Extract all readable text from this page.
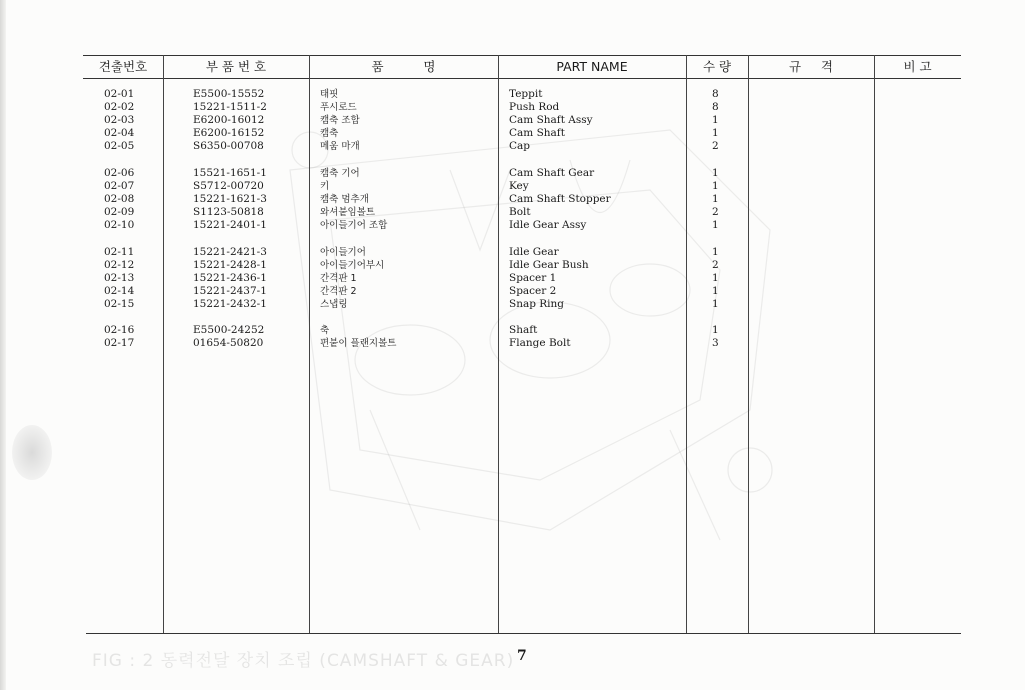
FIG : 2 동력전달 장치 조립 (CAMSHAFT & GEAR)
견출번호	부 품 번 호	품          명	PART NAME	수 량	규     격	비 고
02-01	E5500-15552	태핏	Teppit	8
02-02	15221-1511-2	푸시로드	Push Rod	8
02-03	E6200-16012	캠축 조합	Cam Shaft Assy	1
02-04	E6200-16152	캠축	Cam Shaft	1
02-05	S6350-00708	메움 마개	Cap	2
02-06	15521-1651-1	캠축 기어	Cam Shaft Gear	1
02-07	S5712-00720	키	Key	1
02-08	15221-1621-3	캠축 멈추개	Cam Shaft Stopper	1
02-09	S1123-50818	와셔붙임볼트	Bolt	2
02-10	15221-2401-1	아이들기어 조합	Idle Gear Assy	1
02-11	15221-2421-3	아이들기어	Idle Gear	1
02-12	15221-2428-1	아이들기어부시	Idle Gear Bush	2
02-13	15221-2436-1	간격판 1	Spacer 1	1
02-14	15221-2437-1	간격판 2	Spacer 2	1
02-15	15221-2432-1	스냅링	Snap Ring	1
02-16	E5500-24252	축	Shaft	1
02-17	01654-50820	편붙이 플랜지볼트	Flange Bolt	3
7
